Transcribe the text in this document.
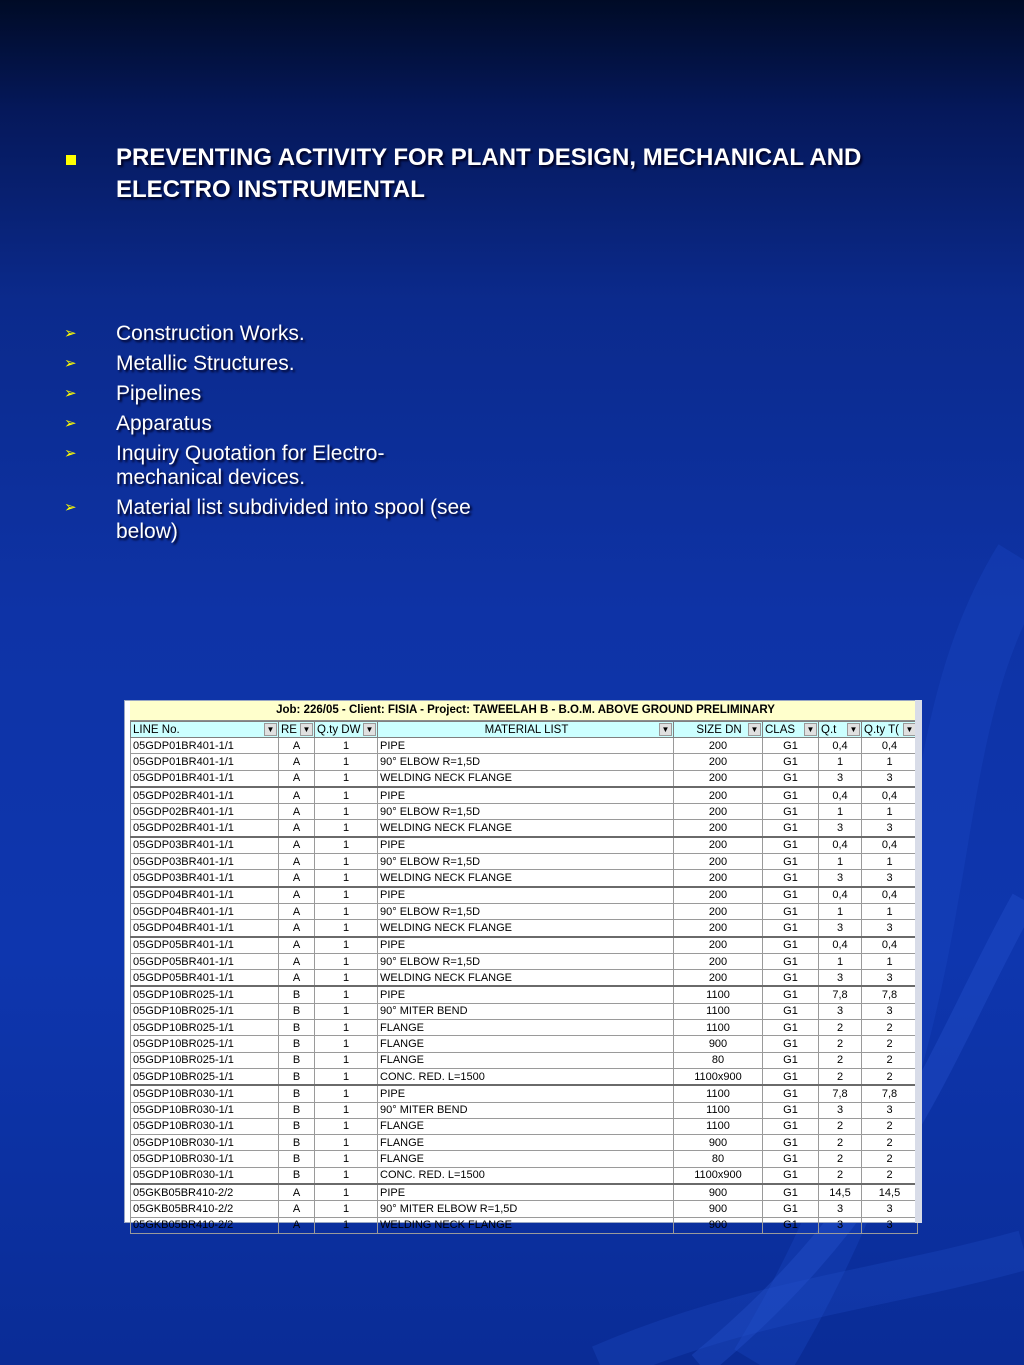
PREVENTING ACTIVITY FOR PLANT DESIGN, MECHANICAL AND ELECTRO INSTRUMENTAL
➢ Construction Works.
➢ Metallic Structures.
➢ Pipelines
➢ Apparatus
➢ Inquiry Quotation for Electro-mechanical devices.
➢ Material list subdivided into spool (see below)
Job: 226/05 - Client: FISIA - Project: TAWEELAH B - B.O.M. ABOVE GROUND PRELIMINARY
LINE No. ▼	RE ▼	Q.ty DW ▼	MATERIAL LIST ▼	SIZE DN ▼	CLAS ▼	Q.t ▼	Q.ty T( ▼

05GDP01BR401-1/1	A	1	PIPE	200	G1	0,4	0,4
05GDP01BR401-1/1	A	1	90° ELBOW R=1,5D	200	G1	1	1
05GDP01BR401-1/1	A	1	WELDING NECK FLANGE	200	G1	3	3
05GDP02BR401-1/1	A	1	PIPE	200	G1	0,4	0,4
05GDP02BR401-1/1	A	1	90° ELBOW R=1,5D	200	G1	1	1
05GDP02BR401-1/1	A	1	WELDING NECK FLANGE	200	G1	3	3
05GDP03BR401-1/1	A	1	PIPE	200	G1	0,4	0,4
05GDP03BR401-1/1	A	1	90° ELBOW R=1,5D	200	G1	1	1
05GDP03BR401-1/1	A	1	WELDING NECK FLANGE	200	G1	3	3
05GDP04BR401-1/1	A	1	PIPE	200	G1	0,4	0,4
05GDP04BR401-1/1	A	1	90° ELBOW R=1,5D	200	G1	1	1
05GDP04BR401-1/1	A	1	WELDING NECK FLANGE	200	G1	3	3
05GDP05BR401-1/1	A	1	PIPE	200	G1	0,4	0,4
05GDP05BR401-1/1	A	1	90° ELBOW R=1,5D	200	G1	1	1
05GDP05BR401-1/1	A	1	WELDING NECK FLANGE	200	G1	3	3
05GDP10BR025-1/1	B	1	PIPE	1100	G1	7,8	7,8
05GDP10BR025-1/1	B	1	90° MITER BEND	1100	G1	3	3
05GDP10BR025-1/1	B	1	FLANGE	1100	G1	2	2
05GDP10BR025-1/1	B	1	FLANGE	900	G1	2	2
05GDP10BR025-1/1	B	1	FLANGE	80	G1	2	2
05GDP10BR025-1/1	B	1	CONC. RED. L=1500	1100x900	G1	2	2
05GDP10BR030-1/1	B	1	PIPE	1100	G1	7,8	7,8
05GDP10BR030-1/1	B	1	90° MITER BEND	1100	G1	3	3
05GDP10BR030-1/1	B	1	FLANGE	1100	G1	2	2
05GDP10BR030-1/1	B	1	FLANGE	900	G1	2	2
05GDP10BR030-1/1	B	1	FLANGE	80	G1	2	2
05GDP10BR030-1/1	B	1	CONC. RED. L=1500	1100x900	G1	2	2
05GKB05BR410-2/2	A	1	PIPE	900	G1	14,5	14,5
05GKB05BR410-2/2	A	1	90° MITER ELBOW R=1,5D	900	G1	3	3
05GKB05BR410-2/2	A	1	WELDING NECK FLANGE	900	G1	3	3
